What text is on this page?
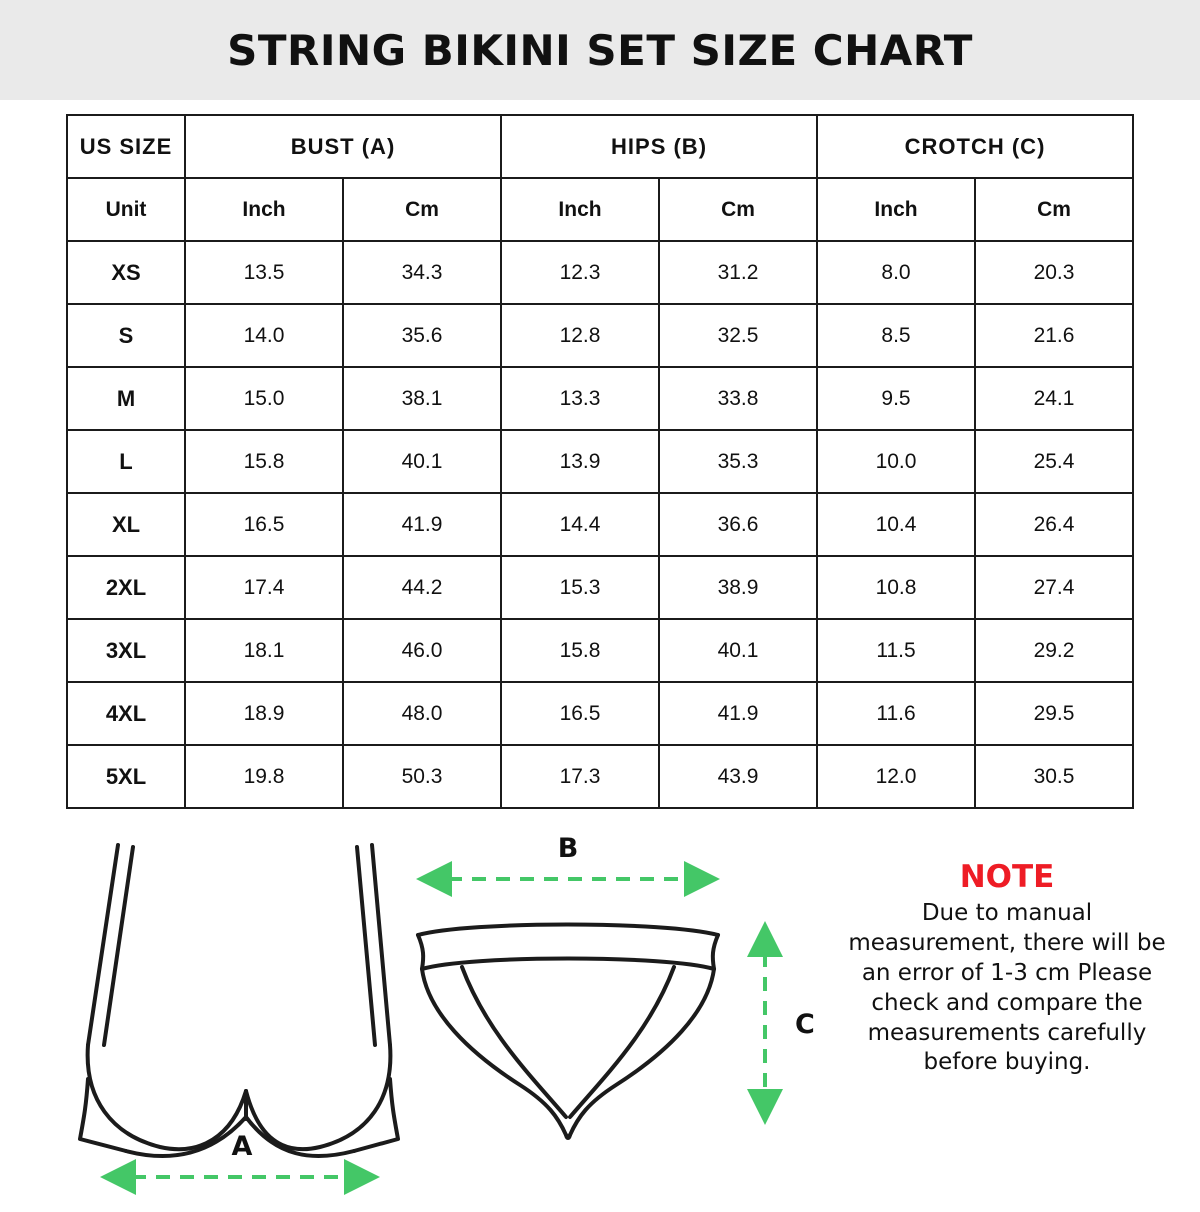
STRING BIKINI SET SIZE CHART
US SIZE	BUST (A)		HIPS (B)		CROTCH (C)	
Unit	Inch	Cm	Inch	Cm	Inch	Cm
XS	13.5	34.3	12.3	31.2	8.0	20.3
S	14.0	35.6	12.8	32.5	8.5	21.6
M	15.0	38.1	13.3	33.8	9.5	24.1
L	15.8	40.1	13.9	35.3	10.0	25.4
XL	16.5	41.9	14.4	36.6	10.4	26.4
2XL	17.4	44.2	15.3	38.9	10.8	27.4
3XL	18.1	46.0	15.8	40.1	11.5	29.2
4XL	18.9	48.0	16.5	41.9	11.6	29.5
5XL	19.8	50.3	17.3	43.9	12.0	30.5
A
B
C
NOTE
Due to manual measurement, there will be an error of 1-3 cm Please check and compare the measurements carefully before buying.
